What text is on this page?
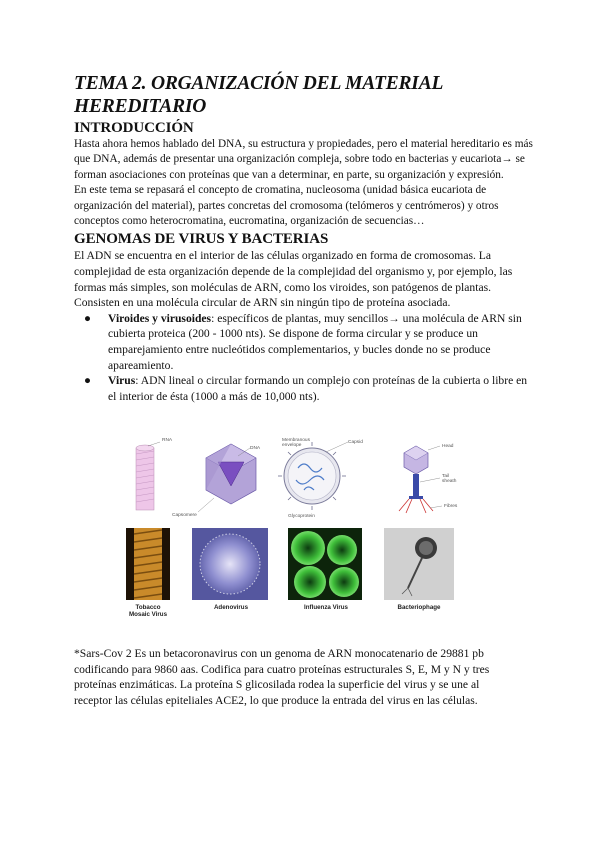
TEMA 2. ORGANIZACIÓN DEL MATERIAL HEREDITARIO
INTRODUCCIÓN

Hasta ahora hemos hablado del DNA, su estructura y propiedades, pero el material hereditario es más que DNA, además de presentar una organización compleja, sobre todo en bacterias y eucariota→ se forman asociaciones con proteínas que van a determinar, en parte, su organización y expresión.

En este tema se repasará el concepto de cromatina, nucleosoma (unidad básica eucariota de organización del material), partes concretas del cromosoma (telómeros y centrómeros) y otros conceptos como heterocromatina, eucromatina, organización de secuencias…

GENOMAS DE VIRUS Y BACTERIAS

El ADN se encuentra en el interior de las células organizado en forma de cromosomas. La complejidad de esta organización depende de la complejidad del organismo y, por ejemplo, las formas más simples, son moléculas de ARN, como los viroides, son patógenos de plantas. Consisten en una molécula circular de ARN sin ningún tipo de proteína asociada.

● Viroides y virusoides: específicos de plantas, muy sencillos→ una molécula de ARN sin cubierta proteica (200 - 1000 nts). Se dispone de forma circular y se produce un emparejamiento entre nucleótidos complementarios, y bucles donde no se produce apareamiento.
● Virus: ADN lineal o circular formando un complejo con proteínas de la cubierta o libre en el interior de ésta (1000 a más de 10,000 nts).
RNA
Capsomere
DNA
Membranous
envelope
Capsid
Glycoprotein
Head
Tail
sheath
Fibres
Tobacco
Mosaic Virus
Adenovirus	Influenza Virus	Bacteriophage

*Sars-Cov 2 Es un betacoronavirus con un genoma de ARN monocatenario de 29881 pb codificando para 9860 aas. Codifica para cuatro proteínas estructurales S, E, M y N y tres proteínas enzimáticas. La proteína S glicosilada rodea la superficie del virus y se une al receptor las células epiteliales ACE2, lo que produce la entrada del virus en las células.
